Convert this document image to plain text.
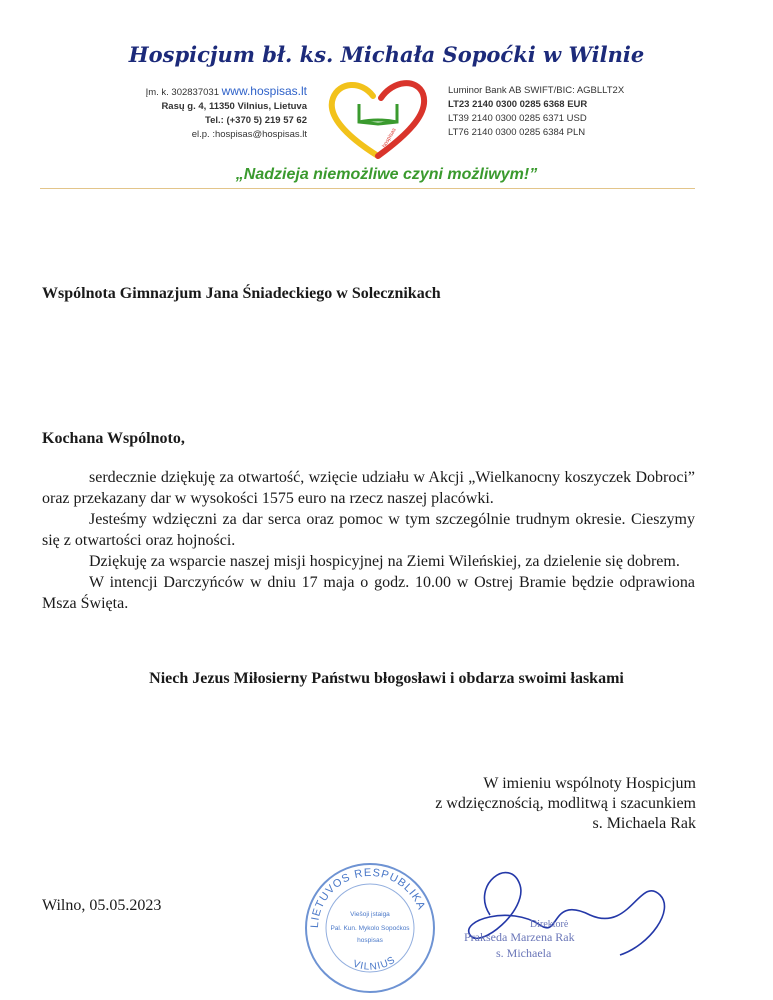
Hospicjum bł. ks. Michała Sopoćki w Wilnie
Įm. k. 302837031 www.hospisas.lt
Rasų g. 4, 11350 Vilnius, Lietuva
Tel.: (+370 5) 219 57 62
el.p. :hospisas@hospisas.lt	hospisas
Luminor Bank AB SWIFT/BIC: AGBLLT2X
LT23 2140 0300 0285 6368 EUR
LT39 2140 0300 0285 6371 USD
LT76 2140 0300 0285 6384 PLN
„Nadzieja niemożliwe czyni możliwym!”
Wspólnota Gimnazjum Jana Śniadeckiego w Solecznikach
Kochana Wspólnoto,

serdecznie dziękuję za otwartość, wzięcie udziału w Akcji „Wielkanocny koszyczek Dobroci” oraz przekazany dar w wysokości 1575 euro na rzecz naszej placówki.

Jesteśmy wdzięczni za dar serca oraz pomoc w tym szczególnie trudnym okresie. Cieszymy się z otwartości oraz hojności.

Dziękuję za wsparcie naszej misji hospicyjnej na Ziemi Wileńskiej, za dzielenie się dobrem.

W intencji Darczyńców w dniu 17 maja o godz. 10.00 w Ostrej Bramie będzie odprawiona Msza Święta.

Niech Jezus Miłosierny Państwu błogosławi i obdarza swoimi łaskami
W imieniu wspólnoty Hospicjum
z wdzięcznością, modlitwą i szacunkiem
s. Michaela Rak
Wilno, 05.05.2023
LIETUVOS RESPUBLIKA
VILNIUS
Viešoji įstaiga
Pal. Kun. Mykolo Sopoćkos
hospisas
Direktorė
Prakseda Marzena Rak
s. Michaela
